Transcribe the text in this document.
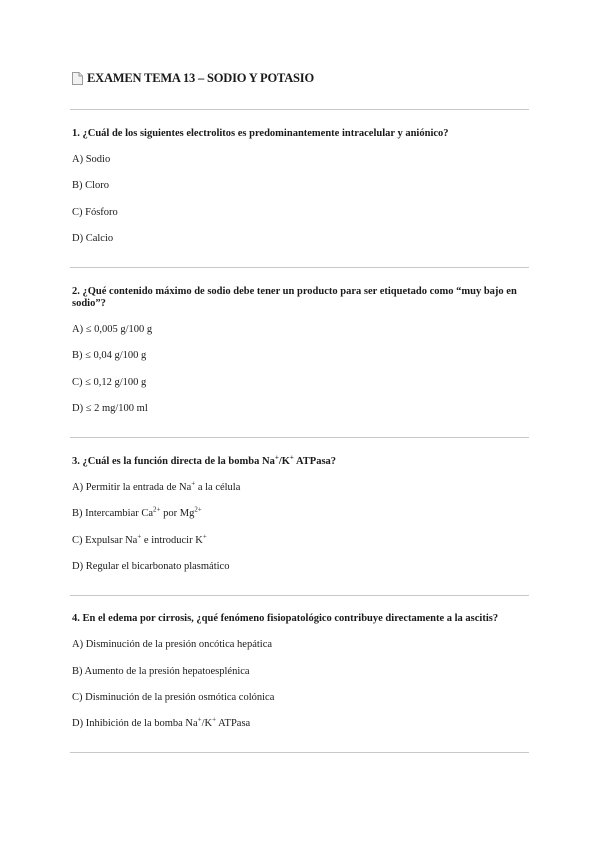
EXAMEN TEMA 13 – SODIO Y POTASIO

1. ¿Cuál de los siguientes electrolitos es predominantemente intracelular y aniónico?

A) Sodio
B) Cloro
C) Fósforo
D) Calcio

2. ¿Qué contenido máximo de sodio debe tener un producto para ser etiquetado como “muy bajo en sodio”?

A) ≤ 0,005 g/100 g
B) ≤ 0,04 g/100 g
C) ≤ 0,12 g/100 g
D) ≤ 2 mg/100 ml

3. ¿Cuál es la función directa de la bomba Na+/K+ ATPasa?

A) Permitir la entrada de Na+ a la célula
B) Intercambiar $Ca^{2+}$ por $Mg^{2+}$
C) Expulsar Na+ e introducir K+
D) Regular el bicarbonato plasmático

4. En el edema por cirrosis, ¿qué fenómeno fisiopatológico contribuye directamente a la ascitis?

A) Disminución de la presión oncótica hepática
B) Aumento de la presión hepatoesplénica
C) Disminución de la presión osmótica colónica
D) Inhibición de la bomba Na+/K+ ATPasa
